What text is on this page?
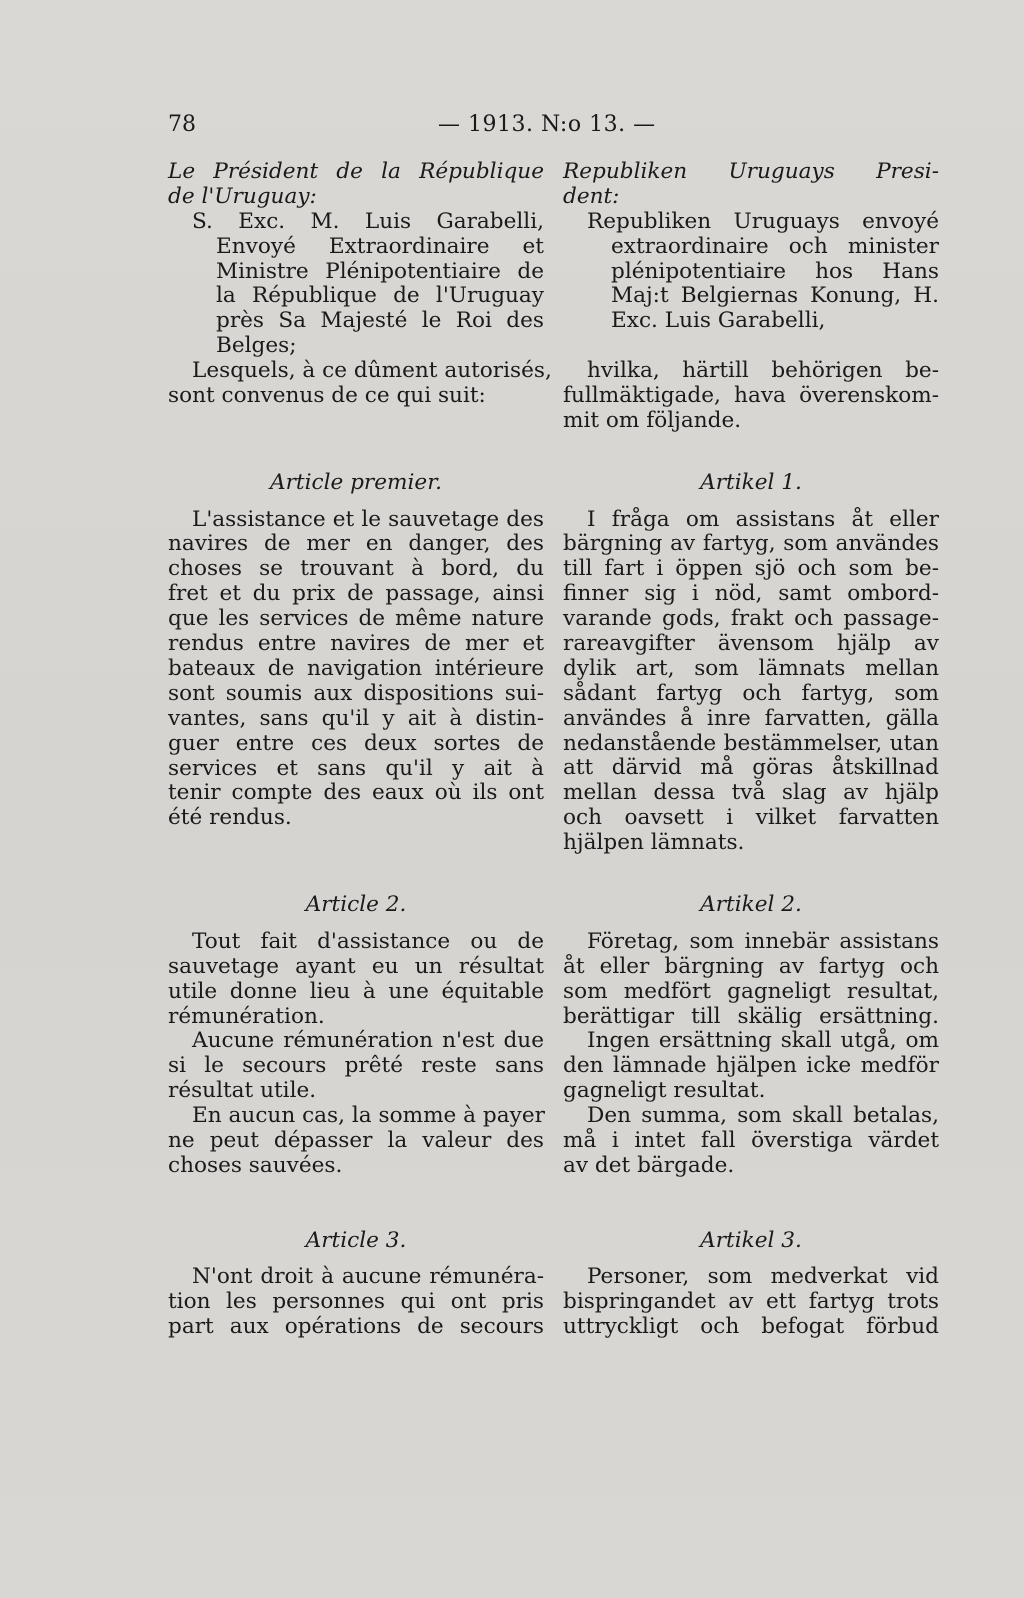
78	— 1913. N:o 13. —
Le Président de la République
de l'Uruguay:
S. Exc. M. Luis Garabelli,
Envoyé Extraordinaire et
Ministre Plénipotentiaire de
la République de l'Uruguay
près Sa Majesté le Roi des
Belges;
Lesquels, à ce dûment autorisés,
sont convenus de ce qui suit:
Article premier.
L'assistance et le sauvetage des
navires de mer en danger, des
choses se trouvant à bord, du
fret et du prix de passage, ainsi
que les services de même nature
rendus entre navires de mer et
bateaux de navigation intérieure
sont soumis aux dispositions sui-
vantes, sans qu'il y ait à distin-
guer entre ces deux sortes de
services et sans qu'il y ait à
tenir compte des eaux où ils ont
été rendus.
Article 2.
Tout fait d'assistance ou de
sauvetage ayant eu un résultat
utile donne lieu à une équitable
rémunération.
Aucune rémunération n'est due
si le secours prêté reste sans
résultat utile.
En aucun cas, la somme à payer
ne peut dépasser la valeur des
choses sauvées.
Article 3.
N'ont droit à aucune rémunéra-
tion les personnes qui ont pris
part aux opérations de secours
Republiken Uruguays Presi-
dent:
Republiken Uruguays envoyé
extraordinaire och minister
plénipotentiaire hos Hans
Maj:t Belgiernas Konung, H.
Exc. Luis Garabelli,
hvilka, härtill behörigen be-
fullmäktigade, hava överenskom-
mit om följande.
Artikel 1.
I fråga om assistans åt eller
bärgning av fartyg, som användes
till fart i öppen sjö och som be-
finner sig i nöd, samt ombord-
varande gods, frakt och passage-
rareavgifter ävensom hjälp av
dylik art, som lämnats mellan
sådant fartyg och fartyg, som
användes å inre farvatten, gälla
nedanstående bestämmelser, utan
att därvid må göras åtskillnad
mellan dessa två slag av hjälp
och oavsett i vilket farvatten
hjälpen lämnats.
Artikel 2.
Företag, som innebär assistans
åt eller bärgning av fartyg och
som medfört gagneligt resultat,
berättigar till skälig ersättning.
Ingen ersättning skall utgå, om
den lämnade hjälpen icke medför
gagneligt resultat.
Den summa, som skall betalas,
må i intet fall överstiga värdet
av det bärgade.
Artikel 3.
Personer, som medverkat vid
bispringandet av ett fartyg trots
uttryckligt och befogat förbud
